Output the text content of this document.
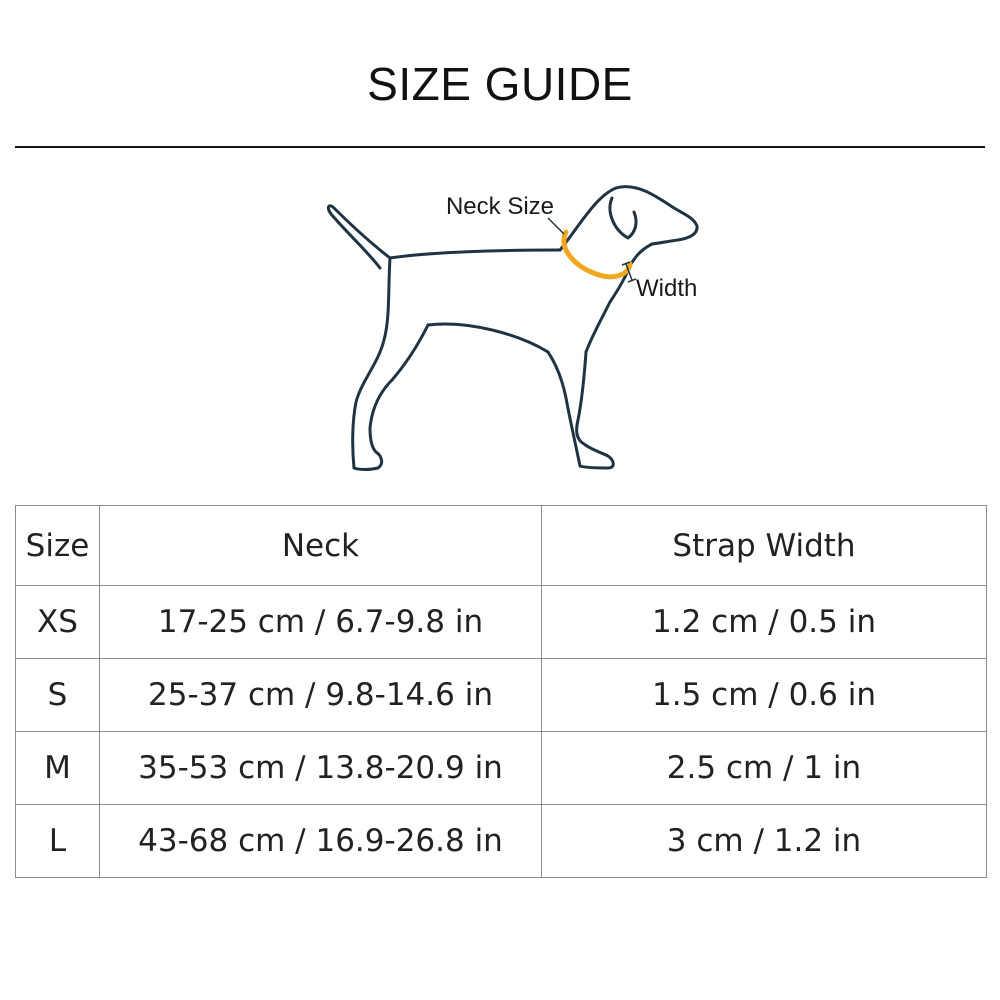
SIZE GUIDE
Neck Size
Width
Size	Neck	Strap Width
XS	17-25 cm / 6.7-9.8 in	1.2 cm / 0.5 in
S	25-37 cm / 9.8-14.6 in	1.5 cm / 0.6 in
M	35-53 cm / 13.8-20.9 in	2.5 cm / 1 in
L	43-68 cm / 16.9-26.8 in	3 cm / 1.2 in
